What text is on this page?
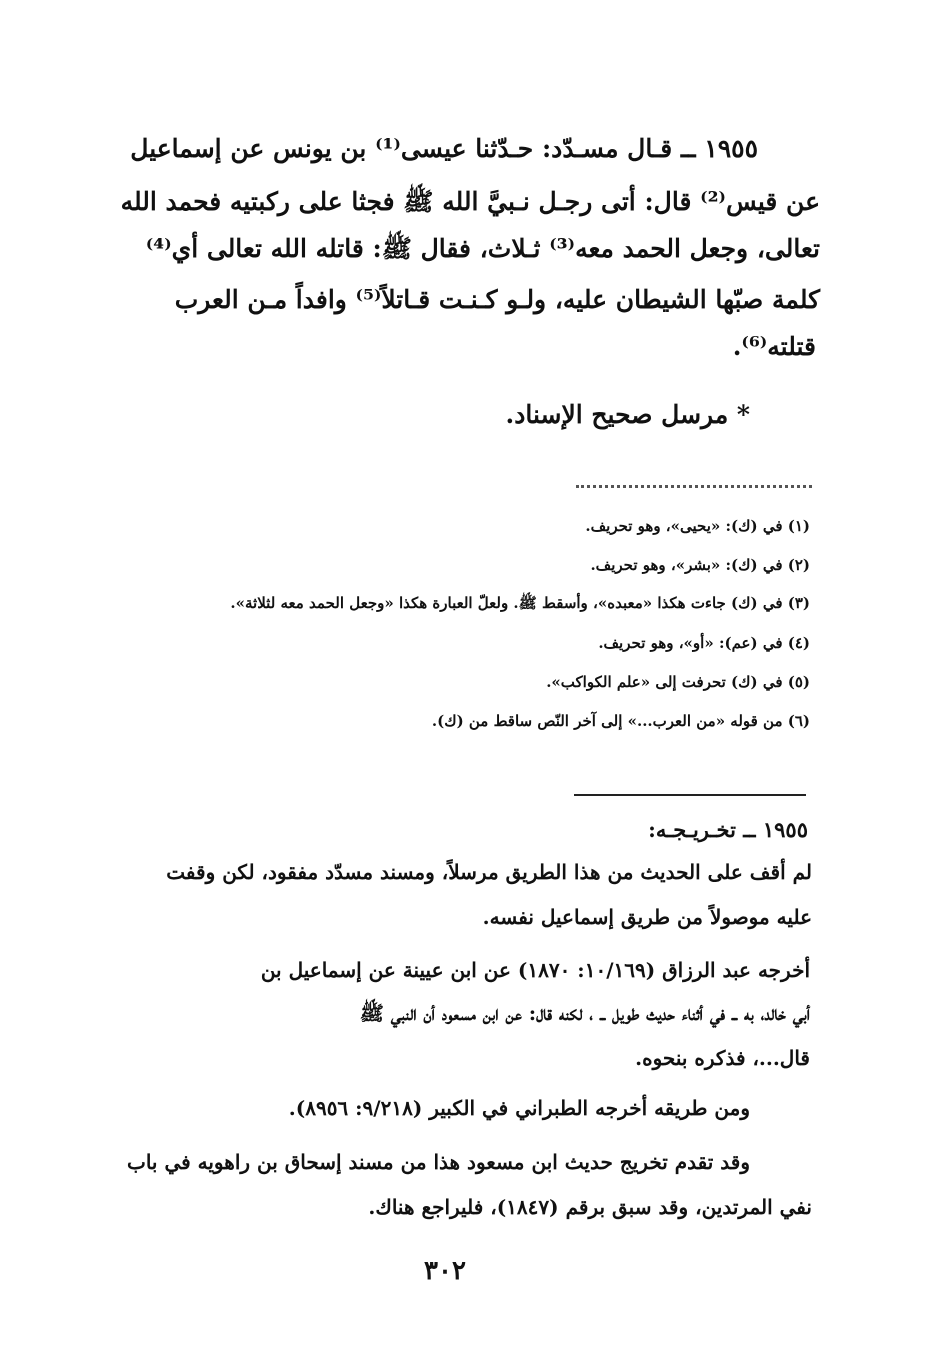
١٩٥٥ ــ قـال مسـدّد: حـدّثنا عيسى⁽¹⁾ بن يونس عن إسماعيل
عن قيس⁽²⁾ قال: أتى رجـل نـبيَّ الله ﷺ فجثا على ركبتيه فحمد الله
تعالى، وجعل الحمد معه⁽³⁾ ثـلاث، فقال ﷺ: قاتله الله تعالى أي⁽⁴⁾
كلمة صبّها الشيطان عليه، ولـو كـنـت قـاتلاً⁽⁵⁾ وافداً مـن العرب
قتلته⁽⁶⁾.
* مرسل صحيح الإسناد.
(١) في (ك): «يحيى»، وهو تحريف.
(٢) في (ك): «بشر»، وهو تحريف.
(٣) في (ك) جاءت هكذا «معبده»، وأسقط ﷺ. ولعلّ العبارة هكذا «وجعل الحمد معه لثلاثة».
(٤) في (عم): «أو»، وهو تحريف.
(٥) في (ك) تحرفت إلى «علم الكواكب».
(٦) من قوله «من العرب...» إلى آخر النّص ساقط من (ك).
١٩٥٥ ــ تخـريـجـه:
لم أقف على الحديث من هذا الطريق مرسلاً، ومسند مسدّد مفقود، لكن وقفت
عليه موصولاً من طريق إسماعيل نفسه.
أخرجه عبد الرزاق (١٠/١٦٩: ١٨٧٠) عن ابن عيينة عن إسماعيل بن
أبي خالد، به ــ في أثناء حديث طويل ــ ، لكنه قال: عن ابن مسعود أن النبي ﷺ
قال...، فذكره بنحوه.
ومن طريقه أخرجه الطبراني في الكبير (٩/٢١٨: ٨٩٥٦).
وقد تقدم تخريج حديث ابن مسعود هذا من مسند إسحاق بن راهويه في باب
نفي المرتدين، وقد سبق برقم (١٨٤٧)، فليراجع هناك.
٣٠٢
